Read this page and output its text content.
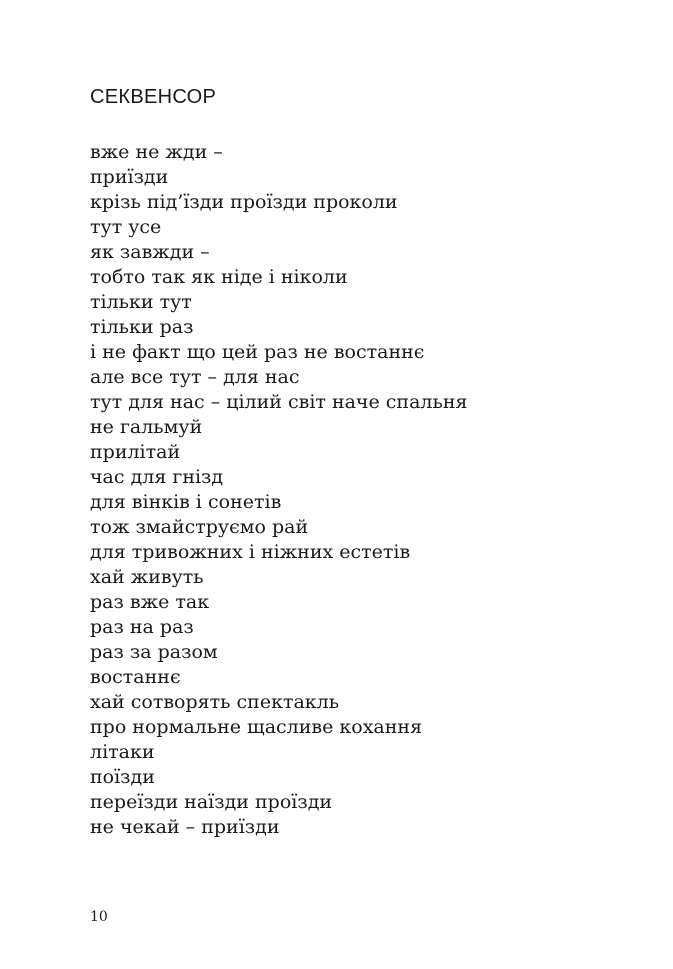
СЕКВЕНСОР
вже не жди –
приїзди
крізь під’їзди проїзди проколи
тут усе
як завжди –
тобто так як ніде і ніколи
тільки тут
тільки раз
і не факт що цей раз не востаннє
але все тут – для нас
тут для нас – цілий світ наче спальня
не гальмуй
прилітай
час для гнізд
для вінків і сонетів
тож змайструємо рай
для тривожних і ніжних естетів
хай живуть
раз вже так
раз на раз
раз за разом
востаннє
хай сотворять спектакль
про нормальне щасливе кохання
літаки
поїзди
переїзди наїзди проїзди
не чекай – приїзди
10
